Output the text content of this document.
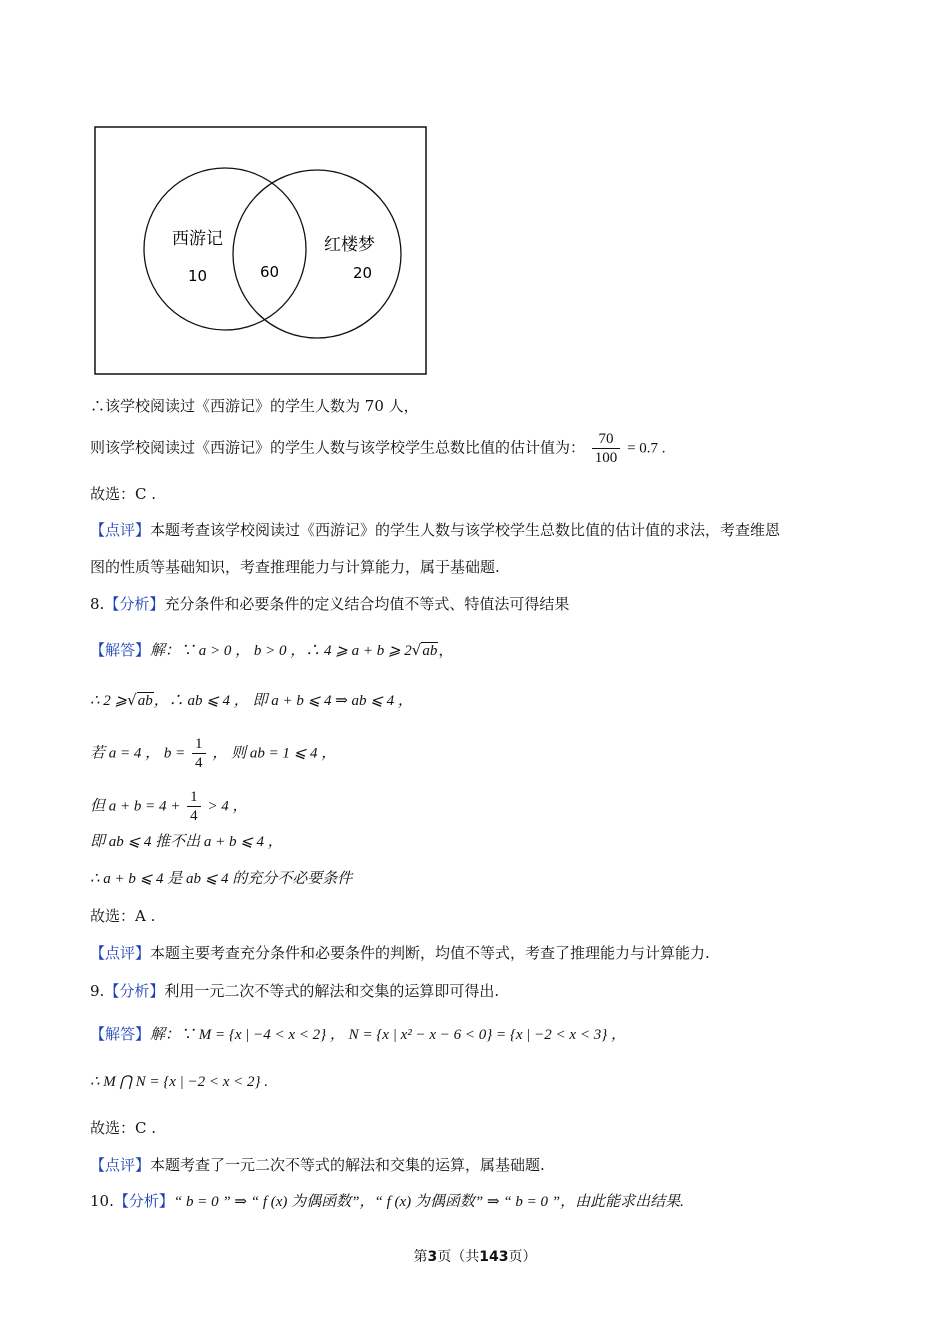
西游记
10	60
红楼梦
20
∴该学校阅读过《西游记》的学生人数为 70 人，
则该学校阅读过《西游记》的学生人数与该学校学生总数比值的估计值为： $\frac{70}{100} = 0.7$ .
故选：C .
【点评】本题考查该学校阅读过《西游记》的学生人数与该学校学生总数比值的估计值的求法，考查维恩
图的性质等基础知识，考查推理能力与计算能力，属于基础题.
8.【分析】充分条件和必要条件的定义结合均值不等式、特值法可得结果
【解答】解：∵ a > 0 ， b > 0 ，∴ 4 ⩾ a + b ⩾ 2√ab，
∴ 2 ⩾√ab，∴ ab ⩽ 4 ， 即 a + b ⩽ 4 ⇒ ab ⩽ 4 ，
若 a = 4 ， $b = \frac{1}{4}$ ， 则 ab = 1 ⩽ 4 ，
但 $a + b = 4 + \frac{1}{4} > 4$ ，
即 ab ⩽ 4 推不出 a + b ⩽ 4 ，
∴ a + b ⩽ 4 是 ab ⩽ 4 的充分不必要条件
故选：A .
【点评】本题主要考查充分条件和必要条件的判断，均值不等式，考查了推理能力与计算能力.
9.【分析】利用一元二次不等式的解法和交集的运算即可得出.
【解答】解：∵ M = {x | −4 < x < 2} ， N = {x | x² − x − 6 < 0} = {x | −2 < x < 3} ，
∴ M ⋂ N = {x | −2 < x < 2} .
故选：C .
【点评】本题考查了一元二次不等式的解法和交集的运算，属基础题.
10.【分析】“ b = 0 ” ⇒ “ f (x) 为偶函数”，“ f (x) 为偶函数” ⇒ “ b = 0 ”，由此能求出结果.
第3页（共143页）
